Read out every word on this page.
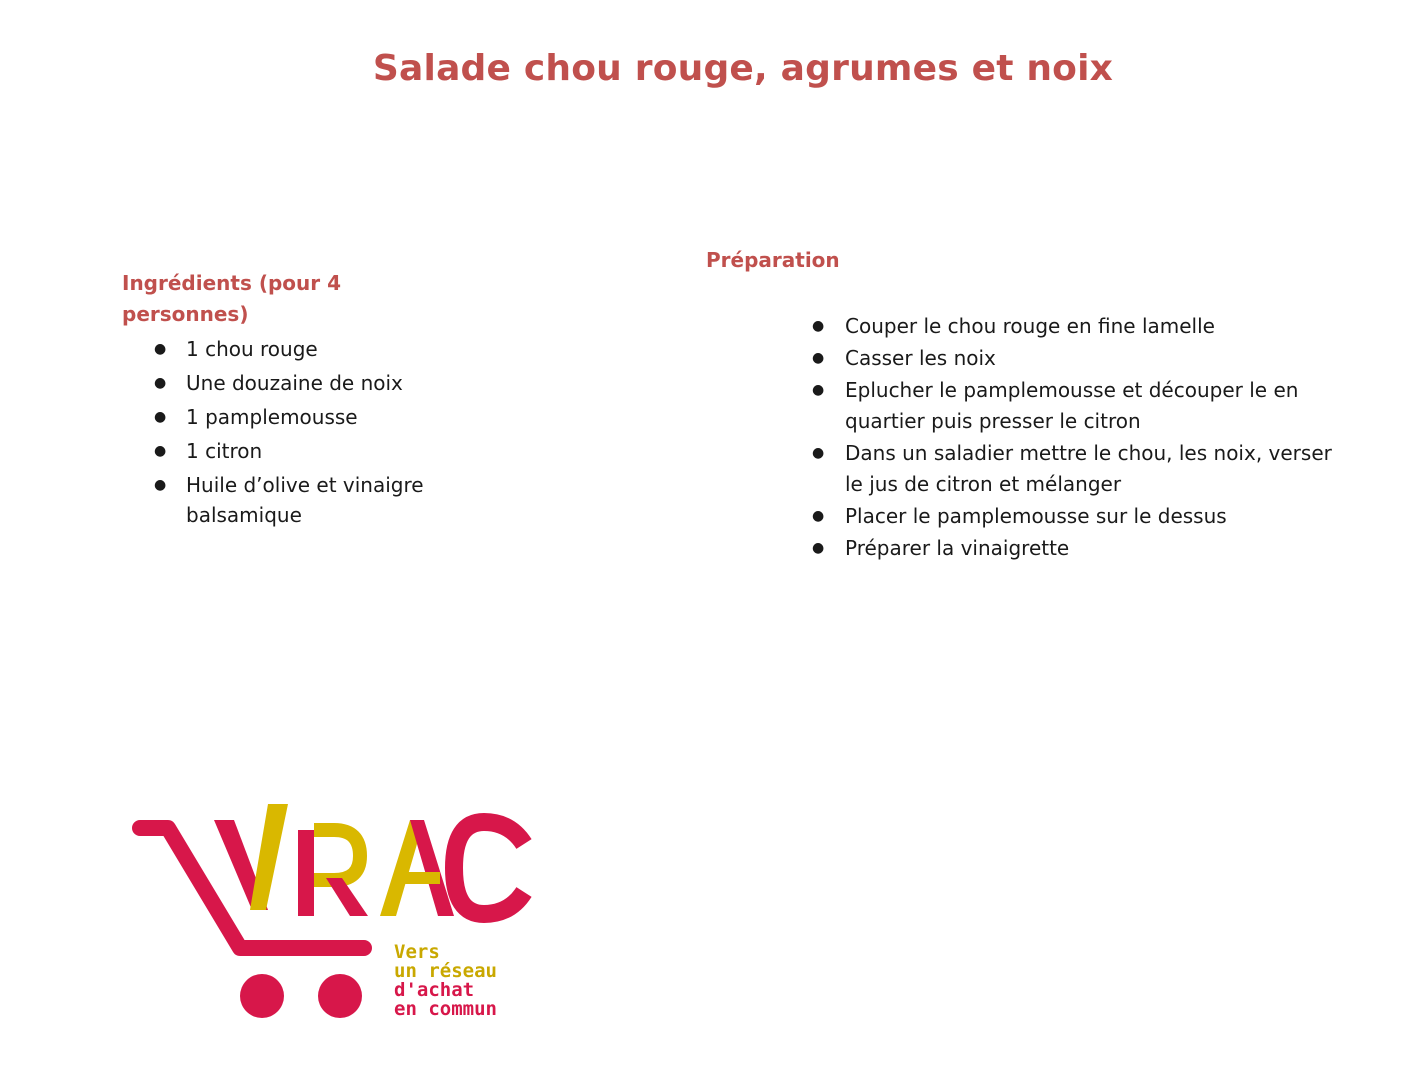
Salade chou rouge, agrumes et noix
Ingrédients (pour 4 personnes)
● 1 chou rouge
● Une douzaine de noix
● 1 pamplemousse
● 1 citron
● Huile d’olive et vinaigre balsamique
Préparation
● Couper le chou rouge en fine lamelle
● Casser les noix
● Eplucher le pamplemousse et découper le en quartier puis presser le citron
● Dans un saladier mettre le chou, les noix, verser le jus de citron et mélanger
● Placer le pamplemousse sur le dessus
● Préparer la vinaigrette
Vers
un réseau
d'achat
en commun
